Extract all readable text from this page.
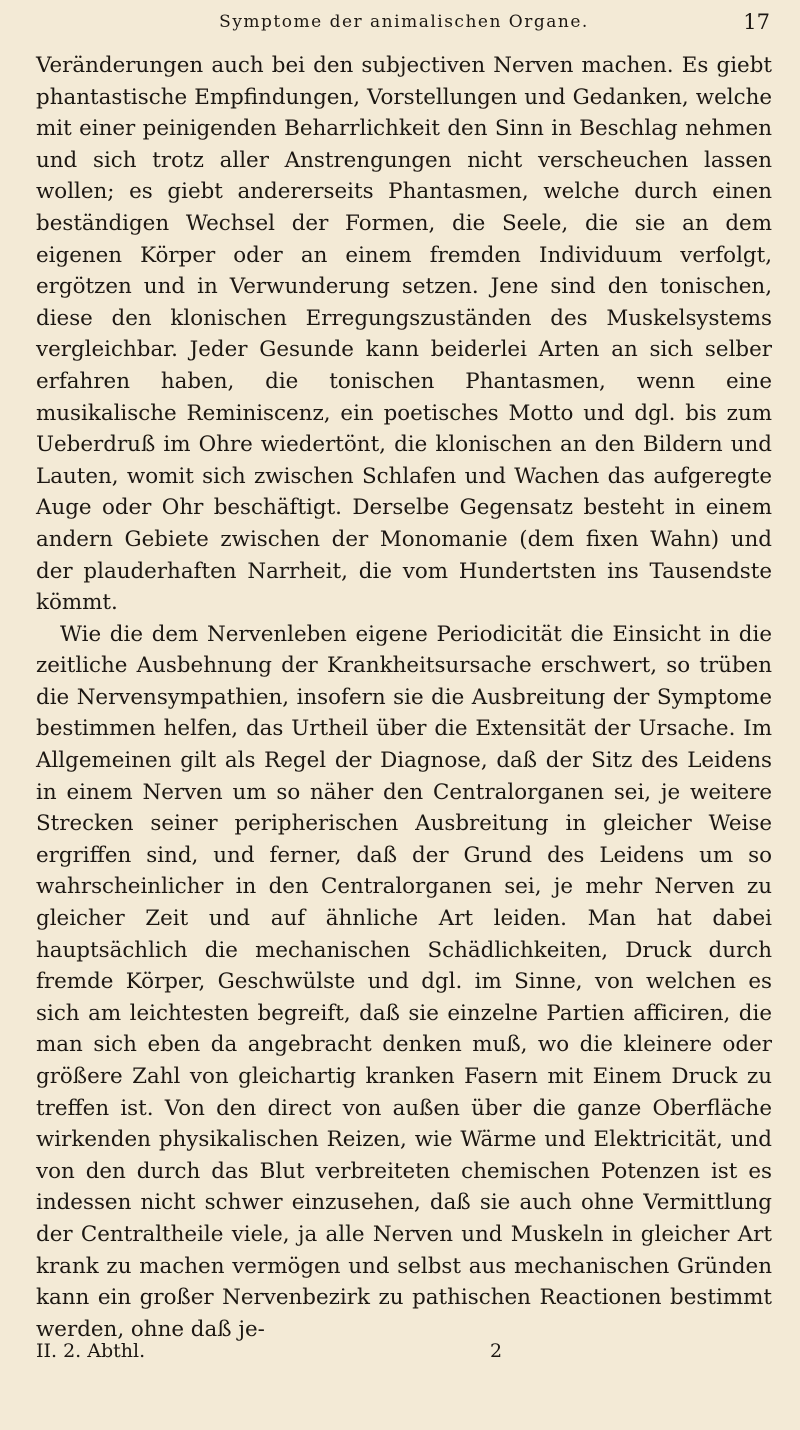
Symptome der animalischen Organe.	17

Veränderungen auch bei den subjectiven Nerven machen. Es giebt phantastische Empfindungen, Vorstellungen und Gedanken, welche mit einer peinigenden Beharrlichkeit den Sinn in Beschlag nehmen und sich trotz aller Anstrengungen nicht verscheuchen lassen wollen; es giebt andererseits Phantasmen, welche durch einen beständigen Wechsel der Formen, die Seele, die sie an dem eigenen Körper oder an einem fremden Individuum verfolgt, ergötzen und in Verwunderung setzen. Jene sind den tonischen, diese den klonischen Erregungszuständen des Muskelsystems vergleichbar. Jeder Gesunde kann beiderlei Arten an sich selber erfahren haben, die tonischen Phantasmen, wenn eine musikalische Reminiscenz, ein poetisches Motto und dgl. bis zum Ueberdruß im Ohre wiedertönt, die klonischen an den Bildern und Lauten, womit sich zwischen Schlafen und Wachen das aufgeregte Auge oder Ohr beschäftigt. Derselbe Gegensatz besteht in einem andern Gebiete zwischen der Monomanie (dem fixen Wahn) und der plauderhaften Narrheit, die vom Hundertsten ins Tausendste kömmt.

Wie die dem Nervenleben eigene Periodicität die Einsicht in die zeitliche Ausbehnung der Krankheitsursache erschwert, so trüben die Nervensympathien, insofern sie die Ausbreitung der Symptome bestimmen helfen, das Urtheil über die Extensität der Ursache. Im Allgemeinen gilt als Regel der Diagnose, daß der Sitz des Leidens in einem Nerven um so näher den Centralorganen sei, je weitere Strecken seiner peripherischen Ausbreitung in gleicher Weise ergriffen sind, und ferner, daß der Grund des Leidens um so wahrscheinlicher in den Centralorganen sei, je mehr Nerven zu gleicher Zeit und auf ähnliche Art leiden. Man hat dabei hauptsächlich die mechanischen Schädlichkeiten, Druck durch fremde Körper, Geschwülste und dgl. im Sinne, von welchen es sich am leichtesten begreift, daß sie einzelne Partien afficiren, die man sich eben da angebracht denken muß, wo die kleinere oder größere Zahl von gleichartig kranken Fasern mit Einem Druck zu treffen ist. Von den direct von außen über die ganze Oberfläche wirkenden physikalischen Reizen, wie Wärme und Elektricität, und von den durch das Blut verbreiteten chemischen Potenzen ist es indessen nicht schwer einzusehen, daß sie auch ohne Vermittlung der Centraltheile viele, ja alle Nerven und Muskeln in gleicher Art krank zu machen vermögen und selbst aus mechanischen Gründen kann ein großer Nervenbezirk zu pathischen Reactionen bestimmt werden, ohne daß je-

II. 2. Abthl.	2
